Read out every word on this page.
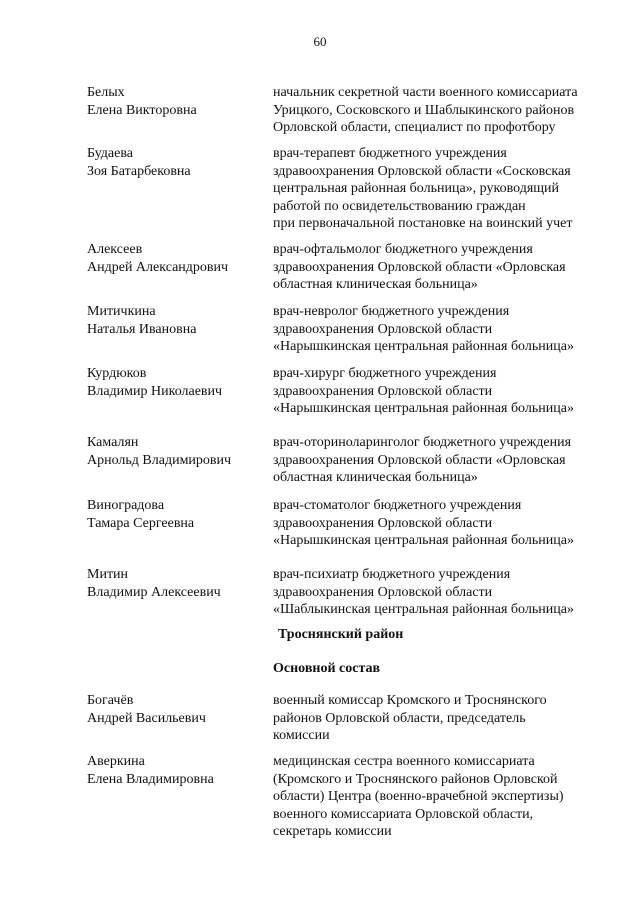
60
Белых
Елена Викторовна
начальник секретной части военного комиссариата
Урицкого, Сосковского и Шаблыкинского районов
Орловской области, специалист по профотбору
Будаева
Зоя Батарбековна
врач-терапевт бюджетного учреждения
здравоохранения Орловской области «Сосковская
центральная районная больница», руководящий
работой по освидетельствованию граждан
при первоначальной постановке на воинский учет
Алексеев
Андрей Александрович
врач-офтальмолог бюджетного учреждения
здравоохранения Орловской области «Орловская
областная клиническая больница»
Митичкина
Наталья Ивановна
врач-невролог бюджетного учреждения
здравоохранения Орловской области
«Нарышкинская центральная районная больница»
Курдюков
Владимир Николаевич
врач-хирург бюджетного учреждения
здравоохранения Орловской области
«Нарышкинская центральная районная больница»
Камалян
Арнольд Владимирович
врач-оториноларинголог бюджетного учреждения
здравоохранения Орловской области «Орловская
областная клиническая больница»
Виноградова
Тамара Сергеевна
врач-стоматолог бюджетного учреждения
здравоохранения Орловской области
«Нарышкинская центральная районная больница»
Митин
Владимир Алексеевич
врач-психиатр бюджетного учреждения
здравоохранения Орловской области
«Шаблыкинская центральная районная больница»
Троснянский район
Основной состав
Богачёв
Андрей Васильевич
военный комиссар Кромского и Троснянского
районов Орловской области, председатель
комиссии
Аверкина
Елена Владимировна
медицинская сестра военного комиссариата
(Кромского и Троснянского районов Орловской
области) Центра (военно-врачебной экспертизы)
военного комиссариата Орловской области,
секретарь комиссии
